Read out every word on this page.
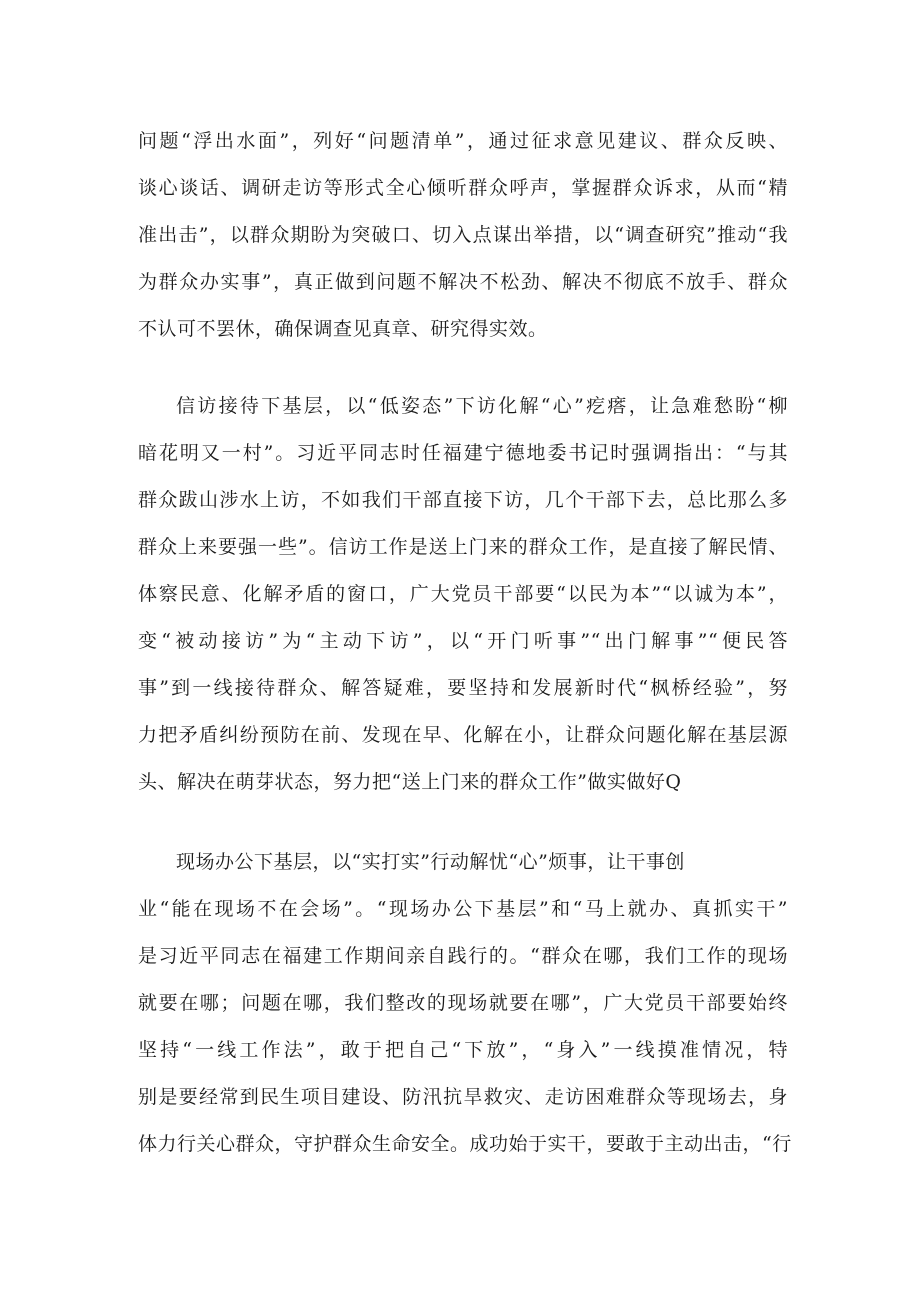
问题“浮出水面”，列好“问题清单”，通过征求意见建议、群众反映、
谈心谈话、调研走访等形式全心倾听群众呼声，掌握群众诉求，从而“精
准出击”，以群众期盼为突破口、切入点谋出举措，以“调查研究”推动“我
为群众办实事”，真正做到问题不解决不松劲、解决不彻底不放手、群众
不认可不罢休，确保调查见真章、研究得实效。
信访接待下基层，以“低姿态”下访化解“心”疙瘩，让急难愁盼“柳
暗花明又一村”。习近平同志时任福建宁德地委书记时强调指出：“与其
群众跋山涉水上访，不如我们干部直接下访，几个干部下去，总比那么多
群众上来要强一些”。信访工作是送上门来的群众工作，是直接了解民情、
体察民意、化解矛盾的窗口，广大党员干部要“以民为本”“以诚为本”，
变“被动接访”为“主动下访”，以“开门听事”“出门解事”“便民答
事”到一线接待群众、解答疑难，要坚持和发展新时代“枫桥经验”，努
力把矛盾纠纷预防在前、发现在早、化解在小，让群众问题化解在基层源
头、解决在萌芽状态，努力把“送上门来的群众工作”做实做好Q
现场办公下基层，以“实打实”行动解忧“心”烦事，让干事创
业“能在现场不在会场”。“现场办公下基层”和“马上就办、真抓实干”
是习近平同志在福建工作期间亲自践行的。“群众在哪，我们工作的现场
就要在哪；问题在哪，我们整改的现场就要在哪”，广大党员干部要始终
坚持“一线工作法”，敢于把自己“下放”，“身入”一线摸准情况，特
别是要经常到民生项目建设、防汛抗旱救灾、走访困难群众等现场去，身
体力行关心群众，守护群众生命安全。成功始于实干，要敢于主动出击，“行
